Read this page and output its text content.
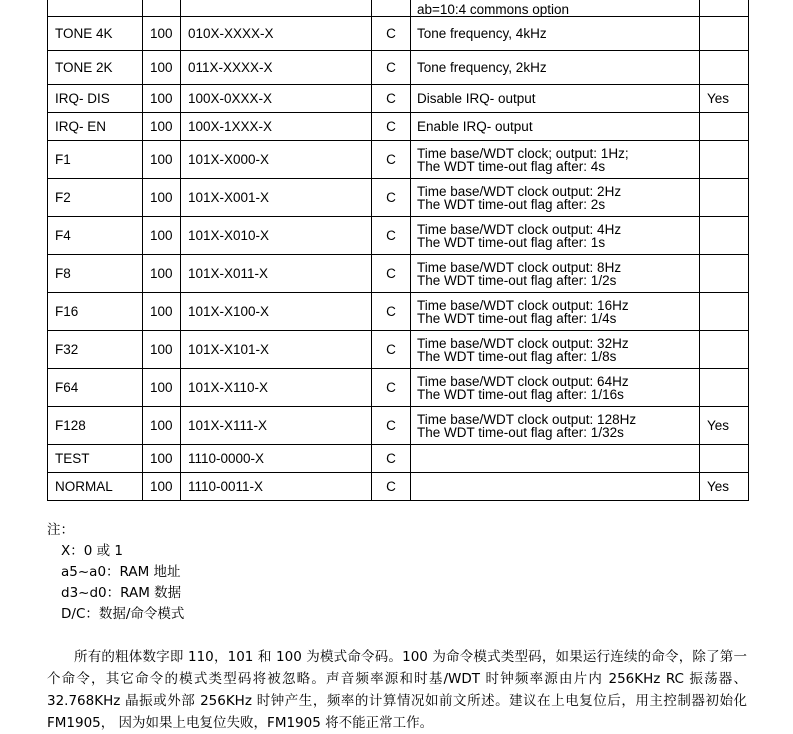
				ab=10:4 commons option	

TONE 4K	100	010X-XXXX-X	C	Tone frequency, 4kHz	

TONE 2K	100	011X-XXXX-X	C	Tone frequency, 2kHz	

IRQ- DIS	100	100X-0XXX-X	C	Disable IRQ- output	Yes
IRQ- EN	100	100X-1XXX-X	C	Enable IRQ- output	

F1	100	101X-X000-X	C	Time base/WDT clock; output: 1Hz;
The WDT time-out flag after: 4s	

F2	100	101X-X001-X	C	Time base/WDT clock output: 2Hz
The WDT time-out flag after: 2s	

F4	100	101X-X010-X	C	Time base/WDT clock output: 4Hz
The WDT time-out flag after: 1s	

F8	100	101X-X011-X	C	Time base/WDT clock output: 8Hz
The WDT time-out flag after: 1/2s	

F16	100	101X-X100-X	C	Time base/WDT clock output: 16Hz
The WDT time-out flag after: 1/4s	

F32	100	101X-X101-X	C	Time base/WDT clock output: 32Hz
The WDT time-out flag after: 1/8s	

F64	100	101X-X110-X	C	Time base/WDT clock output: 64Hz
The WDT time-out flag after: 1/16s	

F128	100	101X-X111-X	C	Time base/WDT clock output: 128Hz
The WDT time-out flag after: 1/32s	Yes
TEST	100	1110-0000-X	C	

NORMAL	100	1110-0011-X	C		Yes
注：
X：0 或 1
a5~a0：RAM 地址
d3~d0：RAM 数据
D/C：数据/命令模式
所有的粗体数字即 110，101 和 100 为模式命令码。100 为命令模式类型码，如果运行连续的命令，除了第一个命令，其它命令的模式类型码将被忽略。声音频率源和时基/WDT 时钟频率源由片内 256KHz RC 振荡器、32.768KHz 晶振或外部 256KHz 时钟产生，频率的计算情况如前文所述。建议在上电复位后，用主控制器初始化 FM1905， 因为如果上电复位失败，FM1905 将不能正常工作。
